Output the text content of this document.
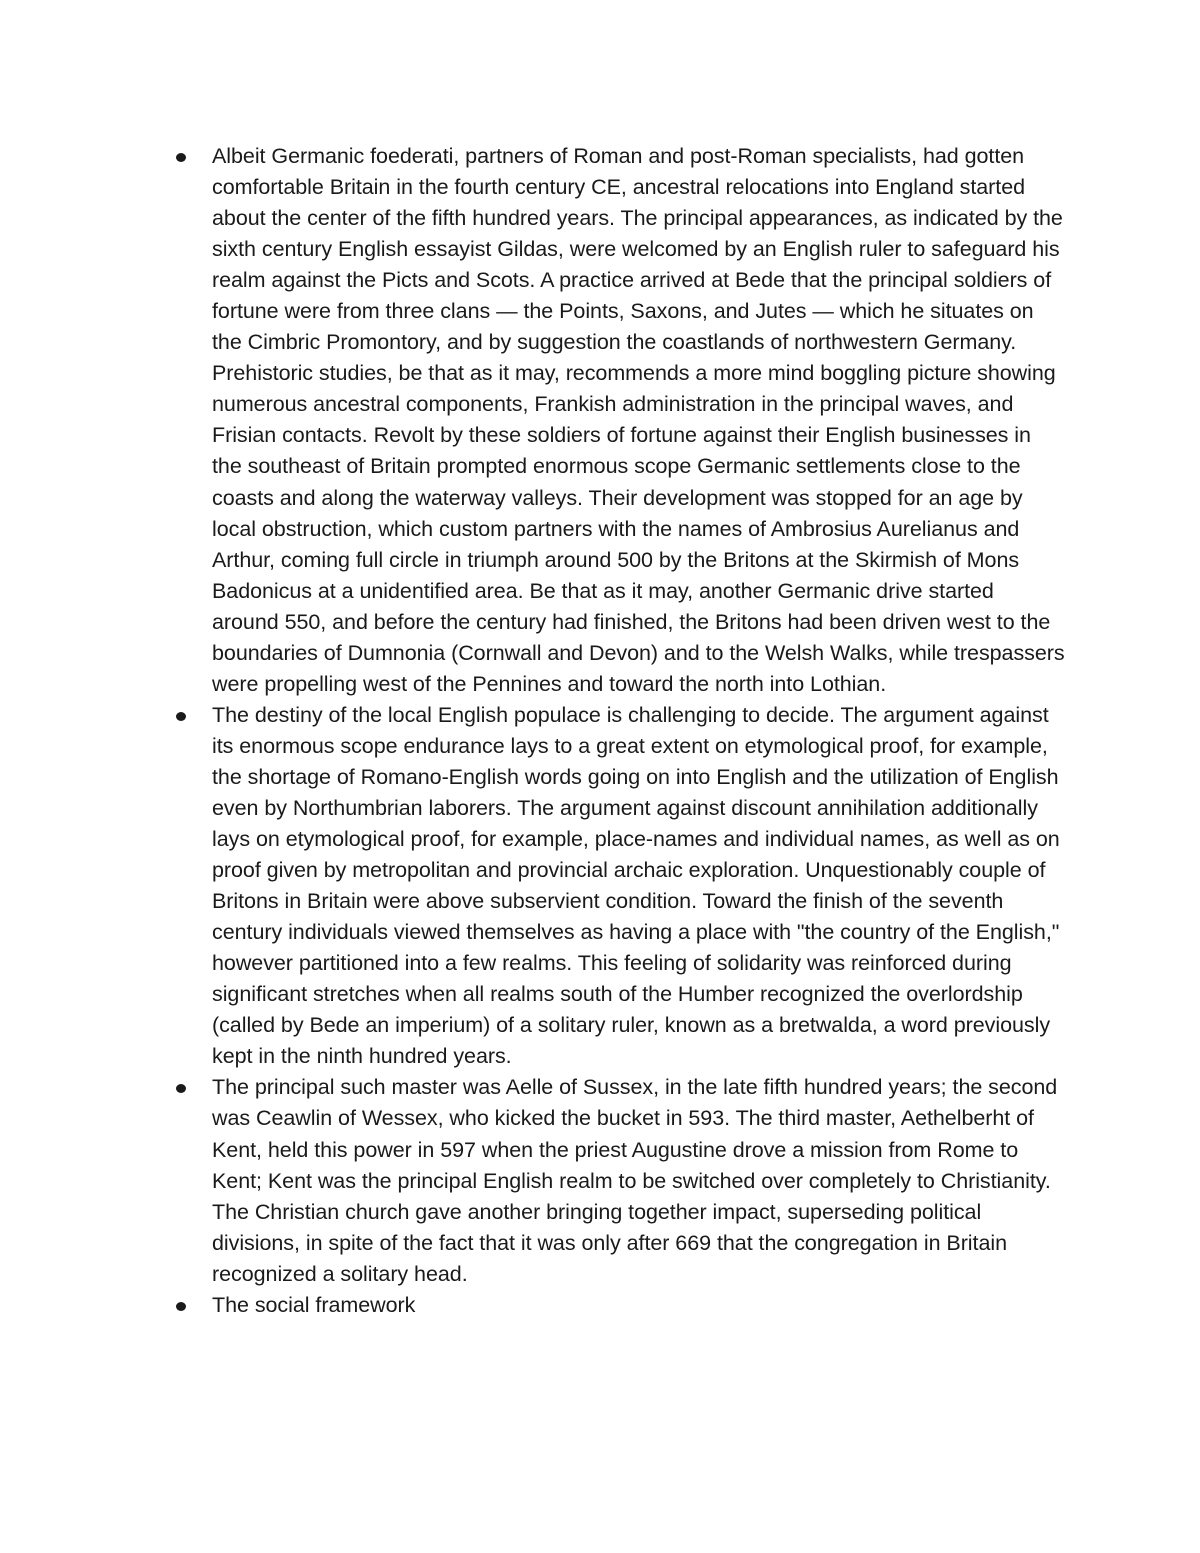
Albeit Germanic foederati, partners of Roman and post-Roman specialists, had gotten comfortable Britain in the fourth century CE, ancestral relocations into England started about the center of the fifth hundred years. The principal appearances, as indicated by the sixth century English essayist Gildas, were welcomed by an English ruler to safeguard his realm against the Picts and Scots. A practice arrived at Bede that the principal soldiers of fortune were from three clans — the Points, Saxons, and Jutes — which he situates on the Cimbric Promontory, and by suggestion the coastlands of northwestern Germany. Prehistoric studies, be that as it may, recommends a more mind boggling picture showing numerous ancestral components, Frankish administration in the principal waves, and Frisian contacts. Revolt by these soldiers of fortune against their English businesses in the southeast of Britain prompted enormous scope Germanic settlements close to the coasts and along the waterway valleys. Their development was stopped for an age by local obstruction, which custom partners with the names of Ambrosius Aurelianus and Arthur, coming full circle in triumph around 500 by the Britons at the Skirmish of Mons Badonicus at a unidentified area. Be that as it may, another Germanic drive started around 550, and before the century had finished, the Britons had been driven west to the boundaries of Dumnonia (Cornwall and Devon) and to the Welsh Walks, while trespassers were propelling west of the Pennines and toward the north into Lothian.
The destiny of the local English populace is challenging to decide. The argument against its enormous scope endurance lays to a great extent on etymological proof, for example, the shortage of Romano-English words going on into English and the utilization of English even by Northumbrian laborers. The argument against discount annihilation additionally lays on etymological proof, for example, place-names and individual names, as well as on proof given by metropolitan and provincial archaic exploration. Unquestionably couple of Britons in Britain were above subservient condition. Toward the finish of the seventh century individuals viewed themselves as having a place with "the country of the English," however partitioned into a few realms. This feeling of solidarity was reinforced during significant stretches when all realms south of the Humber recognized the overlordship (called by Bede an imperium) of a solitary ruler, known as a bretwalda, a word previously kept in the ninth hundred years.
The principal such master was Aelle of Sussex, in the late fifth hundred years; the second was Ceawlin of Wessex, who kicked the bucket in 593. The third master, Aethelberht of Kent, held this power in 597 when the priest Augustine drove a mission from Rome to Kent; Kent was the principal English realm to be switched over completely to Christianity. The Christian church gave another bringing together impact, superseding political divisions, in spite of the fact that it was only after 669 that the congregation in Britain recognized a solitary head.
The social framework
